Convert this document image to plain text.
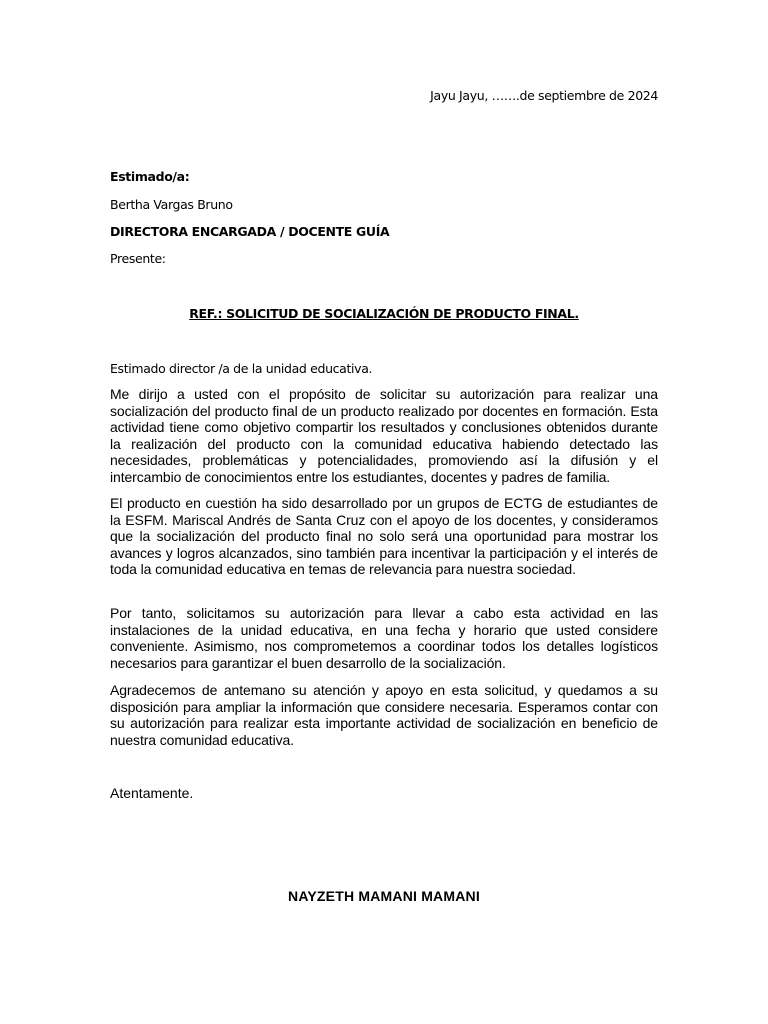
Jayu Jayu, …….de septiembre de 2024

Estimado/a:

Bertha Vargas Bruno

DIRECTORA ENCARGADA / DOCENTE GUÍA

Presente:

REF.: SOLICITUD DE SOCIALIZACIÓN DE PRODUCTO FINAL.

Estimado director /a de la unidad educativa.

Me dirijo a usted con el propósito de solicitar su autorización para realizar una socialización del producto final de un producto realizado por docentes en formación. Esta actividad tiene como objetivo compartir los resultados y conclusiones obtenidos durante la realización del producto con la comunidad educativa habiendo detectado las necesidades, problemáticas y potencialidades, promoviendo así la difusión y el intercambio de conocimientos entre los estudiantes, docentes y padres de familia.

El producto en cuestión ha sido desarrollado por un grupos de ECTG de estudiantes de la ESFM. Mariscal Andrés de Santa Cruz con el apoyo de los docentes, y consideramos que la socialización del producto final no solo será una oportunidad para mostrar los avances y logros alcanzados, sino también para incentivar la participación y el interés de toda la comunidad educativa en temas de relevancia para nuestra sociedad.

Por tanto, solicitamos su autorización para llevar a cabo esta actividad en las instalaciones de la unidad educativa, en una fecha y horario que usted considere conveniente. Asimismo, nos comprometemos a coordinar todos los detalles logísticos necesarios para garantizar el buen desarrollo de la socialización.

Agradecemos de antemano su atención y apoyo en esta solicitud, y quedamos a su disposición para ampliar la información que considere necesaria. Esperamos contar con su autorización para realizar esta importante actividad de socialización en beneficio de nuestra comunidad educativa.

Atentamente.

NAYZETH MAMANI MAMANI
